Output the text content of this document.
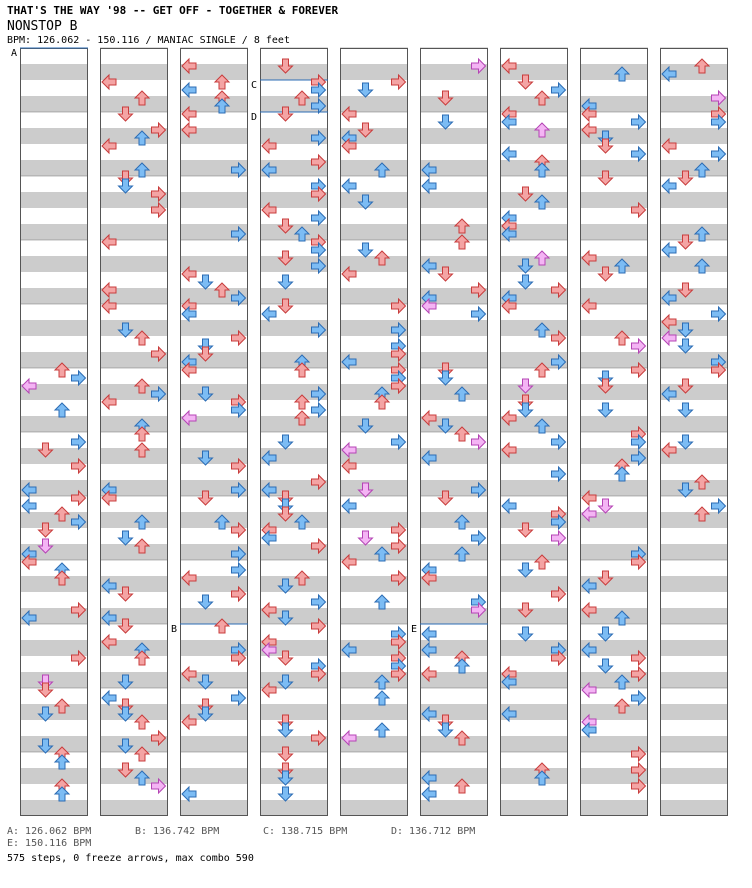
THAT'S THE WAY '98 -- GET OFF - TOGETHER & FOREVER
NONSTOP B
BPM: 126.062 - 150.116 / MANIAC SINGLE / 8 feet
A
B
C
D
E
A: 126.062 BPM	B: 136.742 BPM	C: 138.715 BPM	D: 136.712 BPM
E: 150.116 BPM
575 steps, 0 freeze arrows, max combo 590
